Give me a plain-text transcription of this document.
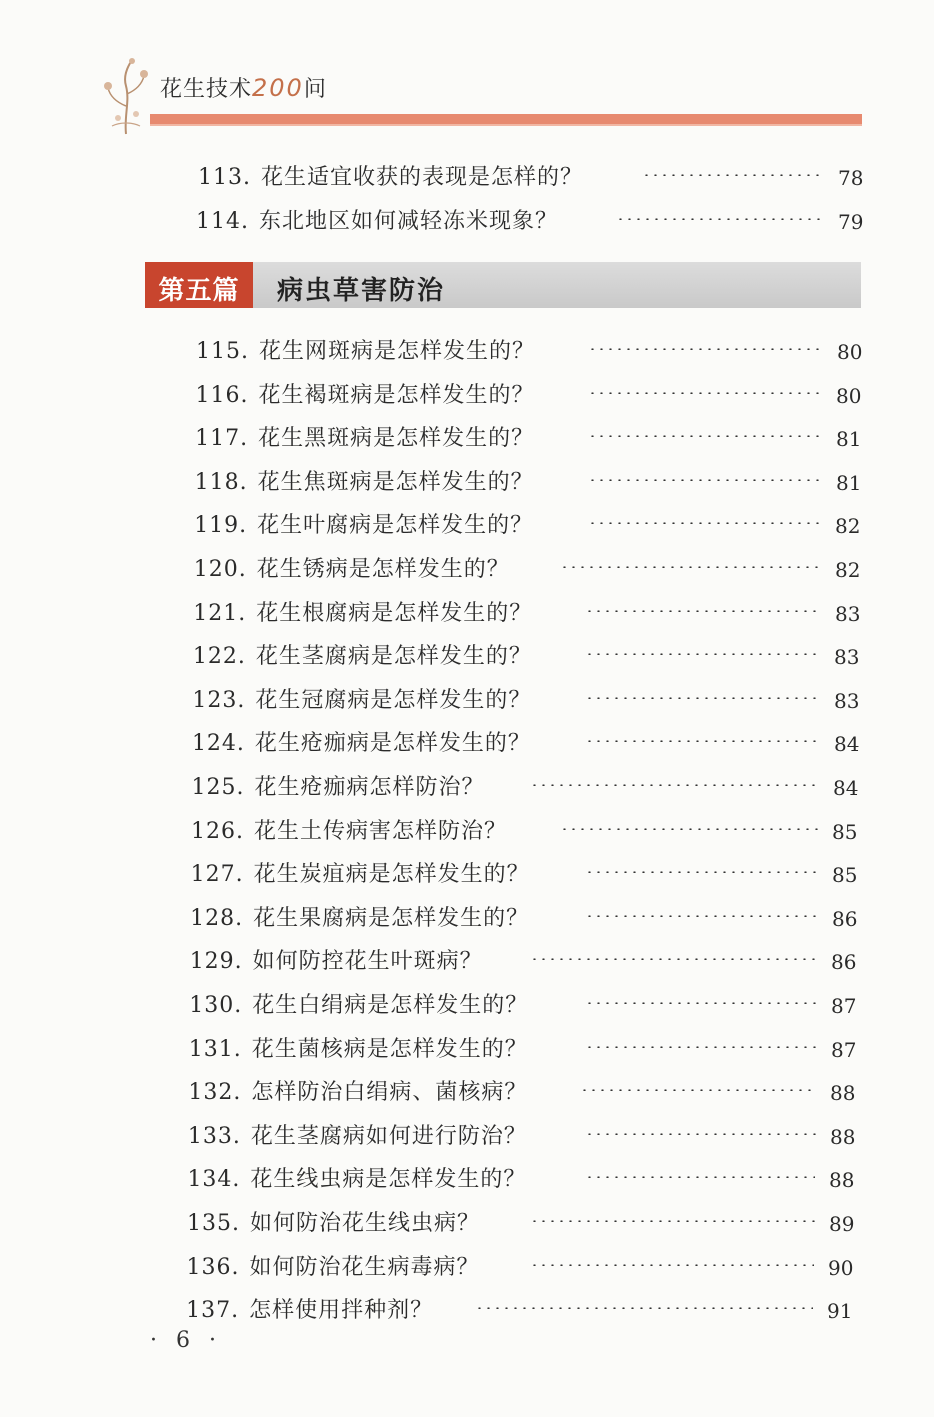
花生技术200问
113. 花生适宜收获的表现是怎样的？	78
114. 东北地区如何减轻冻米现象？	79
第五篇	病虫草害防治
115. 花生网斑病是怎样发生的？	80
116. 花生褐斑病是怎样发生的？	80
117. 花生黑斑病是怎样发生的？	81
118. 花生焦斑病是怎样发生的？	81
119. 花生叶腐病是怎样发生的？	82
120. 花生锈病是怎样发生的？	82
121. 花生根腐病是怎样发生的？	83
122. 花生茎腐病是怎样发生的？	83
123. 花生冠腐病是怎样发生的？	83
124. 花生疮痂病是怎样发生的？	84
125. 花生疮痂病怎样防治？	84
126. 花生土传病害怎样防治？	85
127. 花生炭疽病是怎样发生的？	85
128. 花生果腐病是怎样发生的？	86
129. 如何防控花生叶斑病？	86
130. 花生白绢病是怎样发生的？	87
131. 花生菌核病是怎样发生的？	87
132. 怎样防治白绢病、菌核病？	88
133. 花生茎腐病如何进行防治？	88
134. 花生线虫病是怎样发生的？	88
135. 如何防治花生线虫病？	89
136. 如何防治花生病毒病？	90
137. 怎样使用拌种剂？	91
· 6 ·
